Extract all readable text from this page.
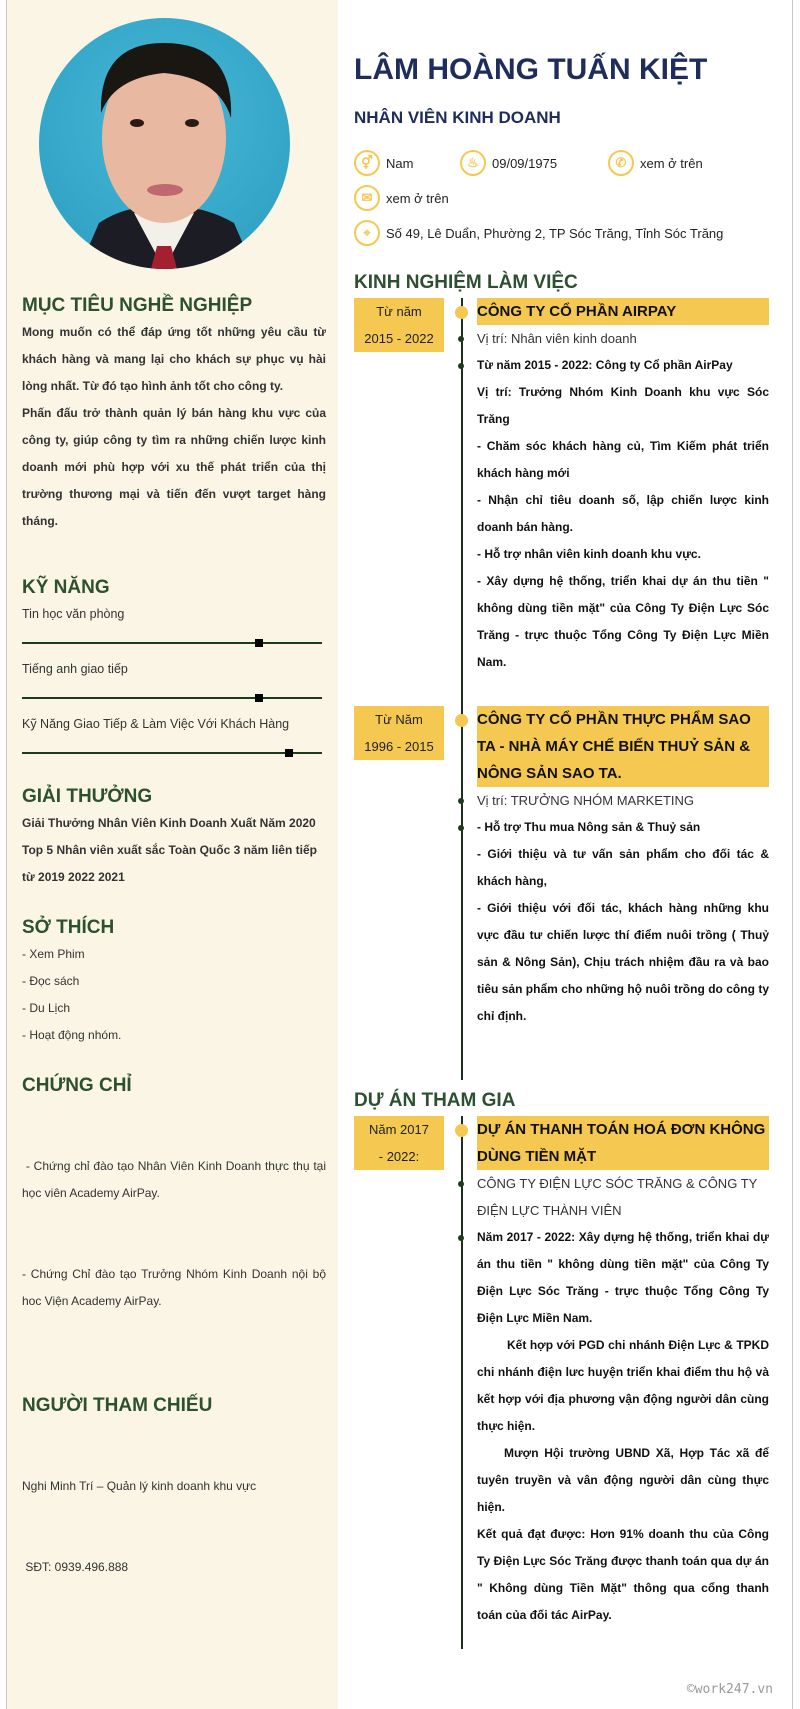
MỤC TIÊU NGHỀ NGHIỆP
Mong muốn có thể đáp ứng tốt những yêu cầu từ khách hàng và mang lại cho khách sự phục vụ hài lòng nhất. Từ đó tạo hình ảnh tốt cho công ty.
Phấn đấu trở thành quản lý bán hàng khu vực của công ty, giúp công ty tìm ra những chiến lược kinh doanh mới phù hợp với xu thế phát triển của thị trường thương mại và tiến đến vượt target hàng tháng.
KỸ NĂNG
Tin học văn phòng
Tiếng anh giao tiếp
Kỹ Năng Giao Tiếp & Làm Việc Với Khách Hàng
GIẢI THƯỞNG
Giải Thưởng Nhân Viên Kinh Doanh Xuất Năm 2020
Top 5 Nhân viên xuất sắc Toàn Quốc 3 năm liên tiếp từ 2019 2022 2021
SỞ THÍCH
- Xem Phim
- Đọc sách
- Du Lịch
- Hoạt động nhóm.
CHỨNG CHỈ

- Chứng chỉ đào tạo Nhân Viên Kinh Doanh thực thụ tại học viên Academy AirPay.

- Chứng Chỉ đào tạo Trưởng Nhóm Kinh Doanh nội bộ hoc Viện Academy AirPay.

NGƯỜI THAM CHIẾU

Nghi Minh Trí – Quản lý kinh doanh khu vực

SĐT: 0939.496.888

LÂM HOÀNG TUẤN KIỆT
NHÂN VIÊN KINH DOANH
⚥	Nam	♨	09/09/1975	✆	xem ở trên
✉	xem ở trên
⌖	Số 49, Lê Duẩn, Phường 2, TP Sóc Trăng, Tỉnh Sóc Trăng
KINH NGHIỆM LÀM VIỆC
Từ năm 2015 - 2022
CÔNG TY CỔ PHẦN AIRPAY
Vị trí: Nhân viên kinh doanh
Từ năm 2015 - 2022: Công ty Cổ phần AirPay
Vị trí: Trưởng Nhóm Kinh Doanh khu vực Sóc Trăng
- Chăm sóc khách hàng củ, Tìm Kiếm phát triển khách hàng mới
- Nhận chỉ tiêu doanh số, lập chiến lược kinh doanh bán hàng.
- Hỗ trợ nhân viên kinh doanh khu vực.
- Xây dựng hệ thống, triển khai dự án thu tiền " không dùng tiền mặt" của Công Ty Điện Lực Sóc Trăng - trực thuộc Tổng Công Ty Điện Lực Miền Nam.
Từ Năm 1996 - 2015
CÔNG TY CỔ PHẦN THỰC PHẨM SAO TA - NHÀ MÁY CHẾ BIẾN THUỶ SẢN & NÔNG SẢN SAO TA.
Vị trí: TRƯỞNG NHÓM MARKETING
- Hỗ trợ Thu mua Nông sản & Thuỷ sản
- Giới thiệu và tư vấn sản phẩm cho đối tác & khách hàng,
- Giới thiệu với đối tác, khách hàng những khu vực đầu tư chiến lược thí điểm nuôi trồng ( Thuỷ sản & Nông Sản), Chịu trách nhiệm đầu ra và bao tiêu sản phẩm cho những hộ nuôi trồng do công ty chỉ định.
DỰ ÁN THAM GIA
Năm 2017 - 2022:
DỰ ÁN THANH TOÁN HOÁ ĐƠN KHÔNG DÙNG TIỀN MẶT
CÔNG TY ĐIỆN LỰC SÓC TRĂNG & CÔNG TY ĐIỆN LỰC THÀNH VIÊN
Năm 2017 - 2022: Xây dựng hệ thống, triển khai dự án thu tiền " không dùng tiền mặt" của Công Ty Điện Lực Sóc Trăng - trực thuộc Tổng Công Ty Điện Lực Miền Nam.
Kết hợp với PGD chi nhánh Điện Lực & TPKD chi nhánh điện lưc huyện triển khai điểm thu hộ và kết hợp với địa phương vận động người dân cùng thực hiện.
Mượn Hội trường UBND Xã, Hợp Tác xã để tuyên truyền và vân động người dân cùng thực hiện.
Kết quả đạt được: Hơn 91% doanh thu của Công Ty Điện Lực Sóc Trăng được thanh toán qua dự án " Không dùng Tiền Mặt" thông qua cổng thanh toán của đối tác AirPay.
©work247.vn
